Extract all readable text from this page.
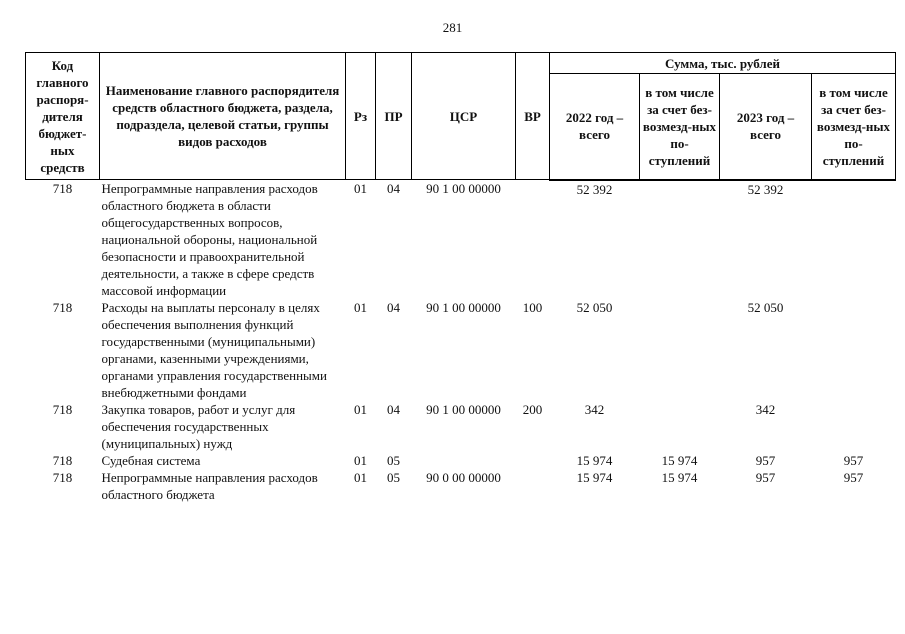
281
Код главного распоря-дителя бюджет-ных средств	Наименование главного распорядителя средств областного бюджета, раздела, подраздела, целевой статьи, группы видов расходов	Рз	ПР	ЦСР	ВР	Сумма, тыс. рублей			
						2022 год – всего	в том числе за счет без-возмезд-ных по-ступлений	2023 год – всего	в том числе за счет без-возмезд-ных по-ступлений
718	Непрограммные направления расходов областного бюджета в области общегосударственных вопросов, национальной обороны, национальной безопасности и правоохранительной деятельности, а также в сфере средств массовой информации	01	04	90 1 00 00000		52 392		52 392	
718	Расходы на выплаты персоналу в целях обеспечения выполнения функций государственными (муниципальными) органами, казенными учреждениями, органами управления государственными внебюджетными фондами	01	04	90 1 00 00000	100	52 050		52 050	
718	Закупка товаров, работ и услуг для обеспечения государственных (муниципальных) нужд	01	04	90 1 00 00000	200	342		342	
718	Судебная система	01	05			15 974	15 974	957	957
718	Непрограммные направления расходов областного бюджета	01	05	90 0 00 00000		15 974	15 974	957	957
